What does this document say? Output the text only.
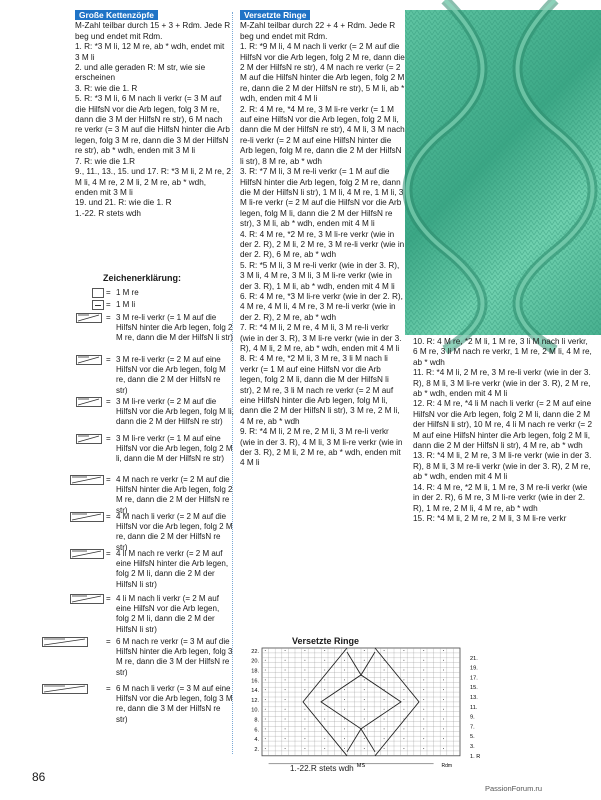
Große Kettenzöpfe
M-Zahl teilbar durch 15 + 3 + Rdm. Jede R beg und endet mit Rdm.
1. R: *3 M li, 12 M re, ab * wdh, endet mit 3 M li
2. und alle geraden R: M str, wie sie erscheinen
3. R: wie die 1. R
5. R: *3 M li, 6 M nach li verkr (= 3 M auf die HilfsN vor die Arb legen, folg 3 M re, dann die 3 M der HilfsN re str), 6 M nach re verkr (= 3 M auf die HilfsN hinter die Arb legen, folg 3 M re, dann die 3 M der HilfsN re str), ab * wdh, enden mit 3 M li
7. R: wie die 1.R
9., 11., 13., 15. und 17. R: *3 M li, 2 M re, 2 M li, 4 M re, 2 M li, 2 M re, ab * wdh, enden mit 3 M li
19. und 21. R: wie die 1. R
1.-22. R stets wdh
Zeichenerklärung:
= 1 M re
= 1 M li
= 3 M re-li verkr (= 1 M auf die HilfsN hinter die Arb legen, folg 2 M re, dann die M der HilfsN li str)
= 3 M re-li verkr (= 2 M auf eine HilfsN vor die Arb legen, folg M re, dann die 2 M der HilfsN re str)
= 3 M li-re verkr (= 2 M auf die HilfsN vor die Arb legen, folg M li, dann die 2 M der HilfsN re str)
= 3 M li-re verkr (= 1 M auf eine HilfsN vor die Arb legen, folg 2 M li, dann die M der HilfsN re str)
= 4 M nach re verkr (= 2 M auf die HilfsN hinter die Arb legen, folg 2 M re, dann die 2 M der HilfsN re str)
= 4 M nach li verkr (= 2 M auf die HilfsN vor die Arb legen, folg 2 M re, dann die 2 M der HilfsN re str)
= 4 li M nach re verkr (= 2 M auf eine HilfsN hinter die Arb legen, folg 2 M li, dann die 2 M der HilfsN li str)
= 4 li M nach li verkr (= 2 M auf eine HilfsN vor die Arb legen, folg 2 M li, dann die 2 M der HilfsN li str)
= 6 M nach re verkr (= 3 M auf die HilfsN hinter die Arb legen, folg 3 M re, dann die 3 M der HilfsN re str)
= 6 M nach li verkr (= 3 M auf eine HilfsN vor die Arb legen, folg 3 M re, dann die 3 M der HilfsN re str)
Versetzte Ringe
M-Zahl teilbar durch 22 + 4 + Rdm. Jede R beg und endet mit Rdm.
1. R: *9 M li, 4 M nach li verkr (= 2 M auf die HilfsN vor die Arb legen, folg 2 M re, dann die 2 M der HilfsN re str), 4 M nach re verkr (= 2 M auf die HilfsN hinter die Arb legen, folg 2 M re, dann die 2 M der HilfsN re str), 5 M li, ab * wdh, enden mit 4 M li
2. R: 4 M re, *4 M re, 3 M li-re verkr (= 1 M auf eine HilfsN vor die Arb legen, folg 2 M li, dann die M der HilfsN re str), 4 M li, 3 M nach re-li verkr (= 2 M auf eine HilfsN hinter die Arb legen, folg M re, dann die 2 M der HilfsN li str), 8 M re, ab * wdh
3. R: *7 M li, 3 M re-li verkr (= 1 M auf die HilfsN hinter die Arb legen, folg 2 M re, dann die M der HilfsN li str), 1 M li, 4 M re, 1 M li, 3 M li-re verkr (= 2 M auf die HilfsN vor die Arb legen, folg M li, dann die 2 M der HilfsN re str), 3 M li, ab * wdh, enden mit 4 M li
4. R: 4 M re, *2 M re, 3 M li-re verkr (wie in der 2. R), 2 M li, 2 M re, 3 M re-li verkr (wie in der 2. R), 6 M re, ab * wdh
5. R: *5 M li, 3 M re-li verkr (wie in der 3. R), 3 M li, 4 M re, 3 M li, 3 M li-re verkr (wie in der 3. R), 1 M li, ab * wdh, enden mit 4 M li
6. R: 4 M re, *3 M li-re verkr (wie in der 2. R), 4 M re, 4 M li, 4 M re, 3 M re-li verkr (wie in der 2. R), 2 M re, ab * wdh
7. R: *4 M li, 2 M re, 4 M li, 3 M re-li verkr (wie in der 3. R), 3 M li-re verkr (wie in der 3. R), 4 M li, 2 M re, ab * wdh, enden mit 4 M li
8. R: 4 M re, *2 M li, 3 M re, 3 li M nach li verkr (= 1 M auf eine HilfsN vor die Arb legen, folg 2 M li, dann die M der HilfsN li str), 2 M re, 3 li M nach re verkr (= 2 M auf eine HilfsN hinter die Arb legen, folg M li, dann die 2 M der HilfsN li str), 3 M re, 2 M li, 4 M re, ab * wdh
9. R: *4 M li, 2 M re, 2 M li, 3 M re-li verkr (wie in der 3. R), 4 M li, 3 M li-re verkr (wie in der 3. R), 2 M li, 2 M re, ab * wdh, enden mit 4 M li
10. R: 4 M re, *2 M li, 1 M re, 3 li M nach li verkr, 6 M re, 3 li M nach re verkr, 1 M re, 2 M li, 4 M re, ab * wdh
11. R: *4 M li, 2 M re, 3 M re-li verkr (wie in der 3. R), 8 M li, 3 M li-re verkr (wie in der 3. R), 2 M re, ab * wdh, enden mit 4 M li
12. R: 4 M re, *4 li M nach li verkr (= 2 M auf eine HilfsN vor die Arb legen, folg 2 M li, dann die 2 M der HilfsN li str), 10 M re, 4 li M nach re verkr (= 2 M auf eine HilfsN hinter die Arb legen, folg 2 M li, dann die 2 M der HilfsN li str), 4 M re, ab * wdh
13. R: *4 M li, 2 M re, 3 M li-re verkr (wie in der 3. R), 8 M li, 3 M re-li verkr (wie in der 3. R), 2 M re, ab * wdh, enden mit 4 M li
14. R: 4 M re, *2 M li, 1 M re, 3 M re-li verkr (wie in der 2. R), 6 M re, 3 M li-re verkr (wie in der 2. R), 1 M re, 2 M li, 4 M re, ab * wdh
15. R: *4 M li, 2 M re, 2 M li, 3 M li-re verkr
Versetzte Ringe
22.
20.
18.
16.
14.
12.
10.
8.
6.
4.
2.
21.
19.
17.
15.
13.
11.
9.
7.
5.
3.
1. R
MS	Rdm
1.-22.R stets wdh
86
PassionForum.ru
